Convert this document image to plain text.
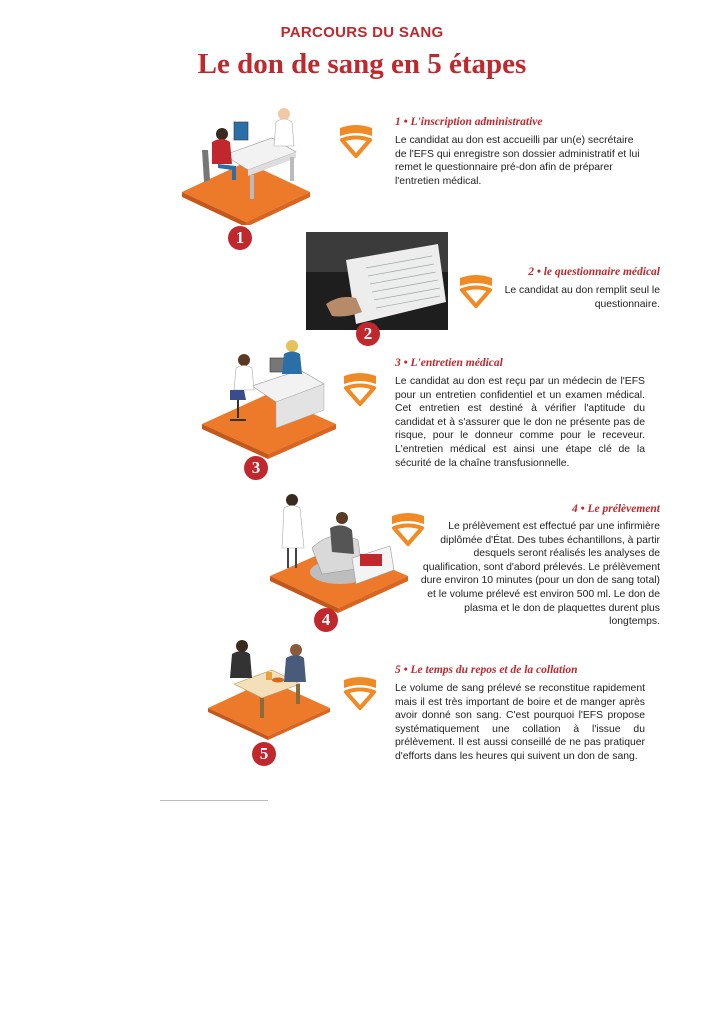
PARCOURS DU SANG
Le don de sang en 5 étapes
1
1 • L'inscription administrative
Le candidat au don est accueilli par un(e) secrétaire de l'EFS qui enregistre son dossier administratif et lui remet le questionnaire pré-don afin de préparer l'entretien médical.
2
2 • le questionnaire médical
Le candidat au don remplit seul le questionnaire.
3
3 • L'entretien médical
Le candidat au don est reçu par un médecin de l'EFS pour un entretien confidentiel et un examen médical. Cet entretien est destiné à vérifier l'aptitude du candidat et à s'assurer que le don ne présente pas de risque, pour le donneur comme pour le receveur. L'entretien médical est ainsi une étape clé de la sécurité de la chaîne transfusionnelle.
4
4 • Le prélèvement
Le prélèvement est effectué par une infirmière diplômée d'État. Des tubes échantillons, à partir desquels seront réalisés les analyses de qualification, sont d'abord prélevés. Le prélèvement dure environ 10 minutes (pour un don de sang total) et le volume prélevé est environ 500 ml. Le don de plasma et le don de plaquettes durent plus longtemps.
5
5 • Le temps du repos et de la collation
Le volume de sang prélevé se reconstitue rapidement mais il est très important de boire et de manger après avoir donné son sang. C'est pourquoi l'EFS propose systématiquement une collation à l'issue du prélèvement. Il est aussi conseillé de ne pas pratiquer d'efforts dans les heures qui suivent un don de sang.
